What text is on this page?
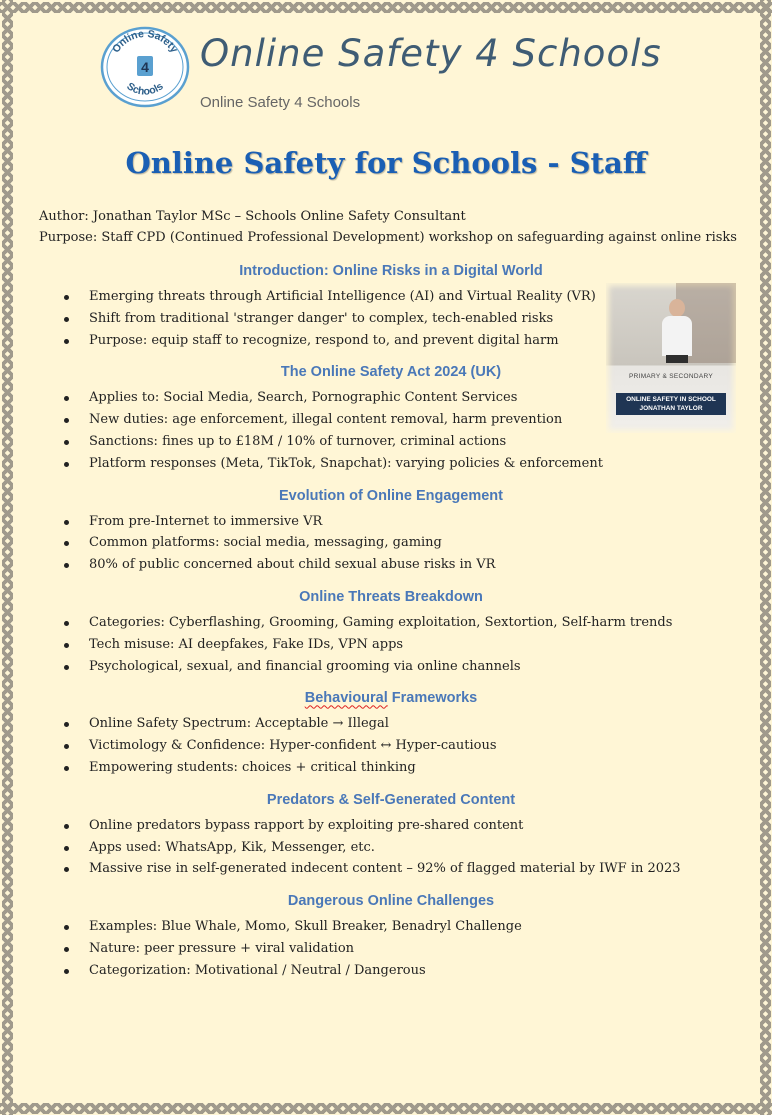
Online Safety
4
Schools
Online Safety 4 Schools
Online Safety 4 Schools
Online Safety for Schools - Staff
Author: Jonathan Taylor MSc – Schools Online Safety Consultant
Purpose: Staff CPD (Continued Professional Development) workshop on safeguarding against online risks
PRIMARY & SECONDARY
ONLINE SAFETY IN SCHOOL
JONATHAN TAYLOR
Introduction: Online Risks in a Digital World
Emerging threats through Artificial Intelligence (AI) and Virtual Reality (VR)
Shift from traditional 'stranger danger' to complex, tech-enabled risks
Purpose: equip staff to recognize, respond to, and prevent digital harm
The Online Safety Act 2024 (UK)
Applies to: Social Media, Search, Pornographic Content Services
New duties: age enforcement, illegal content removal, harm prevention
Sanctions: fines up to £18M / 10% of turnover, criminal actions
Platform responses (Meta, TikTok, Snapchat): varying policies & enforcement
Evolution of Online Engagement
From pre-Internet to immersive VR
Common platforms: social media, messaging, gaming
80% of public concerned about child sexual abuse risks in VR
Online Threats Breakdown
Categories: Cyberflashing, Grooming, Gaming exploitation, Sextortion, Self-harm trends
Tech misuse: AI deepfakes, Fake IDs, VPN apps
Psychological, sexual, and financial grooming via online channels
Behavioural Frameworks
Online Safety Spectrum: Acceptable → Illegal
Victimology & Confidence: Hyper-confident ↔ Hyper-cautious
Empowering students: choices + critical thinking
Predators & Self-Generated Content
Online predators bypass rapport by exploiting pre-shared content
Apps used: WhatsApp, Kik, Messenger, etc.
Massive rise in self-generated indecent content – 92% of flagged material by IWF in 2023
Dangerous Online Challenges
Examples: Blue Whale, Momo, Skull Breaker, Benadryl Challenge
Nature: peer pressure + viral validation
Categorization: Motivational / Neutral / Dangerous
